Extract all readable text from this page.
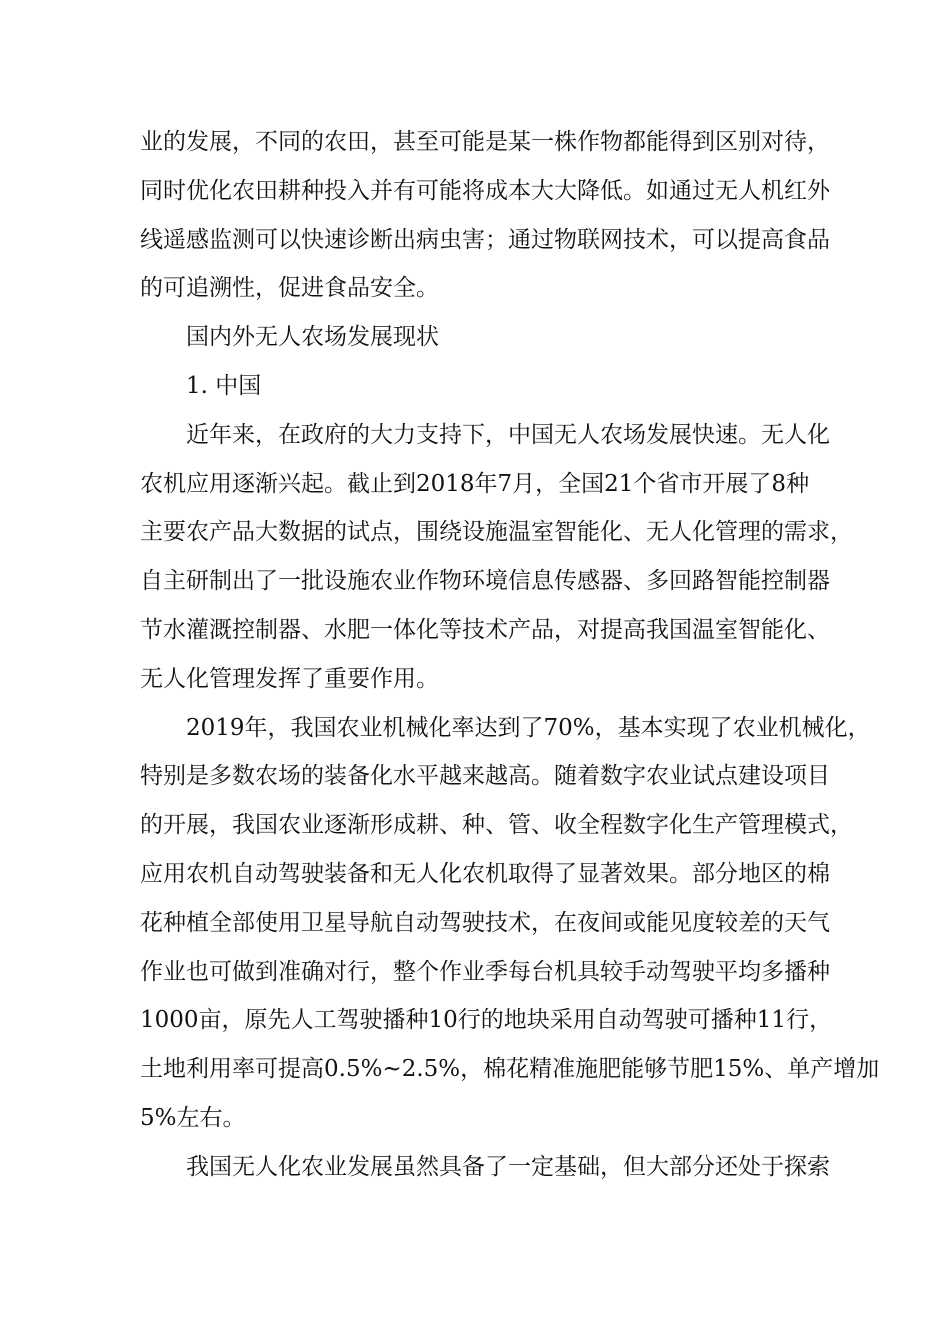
业的发展，不同的农田，甚至可能是某一株作物都能得到区别对待，
同时优化农田耕种投入并有可能将成本大大降低。如通过无人机红外
线遥感监测可以快速诊断出病虫害；通过物联网技术，可以提高食品
的可追溯性，促进食品安全。
国内外无人农场发展现状
1. 中国
近年来，在政府的大力支持下，中国无人农场发展快速。无人化
农机应用逐渐兴起。截止到2018年7月，全国21个省市开展了8种
主要农产品大数据的试点，围绕设施温室智能化、无人化管理的需求，
自主研制出了一批设施农业作物环境信息传感器、多回路智能控制器
节水灌溉控制器、水肥一体化等技术产品，对提高我国温室智能化、
无人化管理发挥了重要作用。
2019年，我国农业机械化率达到了70%，基本实现了农业机械化，
特别是多数农场的装备化水平越来越高。随着数字农业试点建设项目
的开展，我国农业逐渐形成耕、种、管、收全程数字化生产管理模式，
应用农机自动驾驶装备和无人化农机取得了显著效果。部分地区的棉
花种植全部使用卫星导航自动驾驶技术，在夜间或能见度较差的天气
作业也可做到准确对行，整个作业季每台机具较手动驾驶平均多播种
1000亩，原先人工驾驶播种10行的地块采用自动驾驶可播种11行，
土地利用率可提高0.5%~2.5%，棉花精准施肥能够节肥15%、单产增加
5%左右。
我国无人化农业发展虽然具备了一定基础，但大部分还处于探索
